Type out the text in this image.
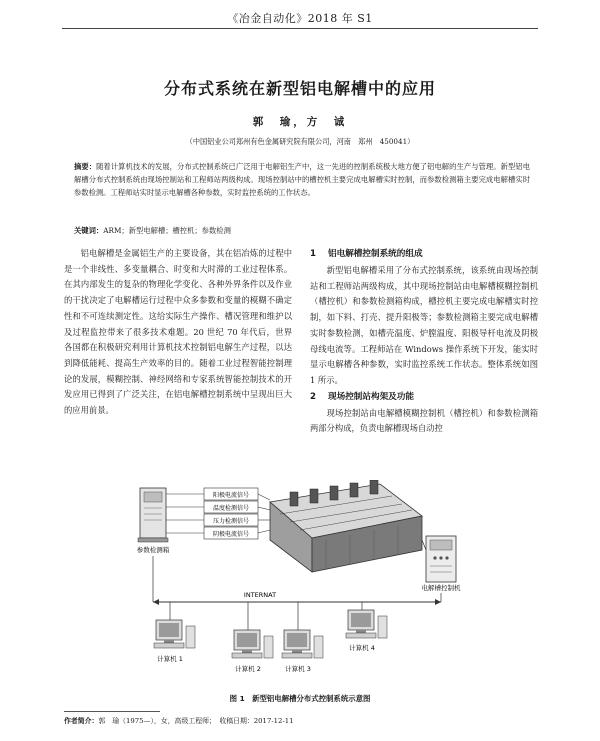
《冶金自动化》2018 年 S1
分布式系统在新型铝电解槽中的应用
郭　瑜，方　诚
（中国铝业公司郑州有色金属研究院有限公司，河南　郑州　450041）
摘要：随着计算机技术的发展，分布式控制系统已广泛用于电解铝生产中，这一先进的控制系统极大地方便了铝电解的生产与管理。新型铝电解槽分布式控制系统由现场控制站和工程师站两级构成。现场控制站中的槽控机主要完成电解槽实时控制，而参数检测箱主要完成电解槽实时参数检测。工程师站实时显示电解槽各种参数，实时监控系统的工作状态。
关键词：ARM；新型电解槽；槽控机；参数检测

铝电解槽是金属铝生产的主要设备，其在铝冶炼的过程中是一个非线性、多变量耦合、时变和大时滞的工业过程体系。在其内部发生的复杂的物理化学变化、各种外界条件以及作业的干扰决定了电解槽运行过程中众多参数和变量的模糊不确定性和不可连续测定性。这给实际生产操作、槽况管理和维护以及过程监控带来了很多技术难题。20 世纪 70 年代后，世界各国都在积极研究利用计算机技术控制铝电解生产过程，以达到降低能耗、提高生产效率的目的。随着工业过程智能控制理论的发展，模糊控制、神经网络和专家系统智能控制技术的开发应用已得到了广泛关注，在铝电解槽控制系统中呈现出巨大的应用前景。

1 铝电解槽控制系统的组成

新型铝电解槽采用了分布式控制系统，该系统由现场控制站和工程师站两级构成，其中现场控制站由电解槽模糊控制机（槽控机）和参数检测箱构成，槽控机主要完成电解槽实时控制，如下料、打壳、提升阳极等；参数检测箱主要完成电解槽实时参数检测，如槽壳温度、炉膛温度、阳极导杆电流及阴极母线电流等。工程师站在 Windows 操作系统下开发，能实时显示电解槽各种参数，实时监控系统工作状态。整体系统如图 1 所示。

2 现场控制站构架及功能

现场控制站由电解槽模糊控制机（槽控机）和参数检测箱两部分构成，负责电解槽现场自动控

参数检测箱
阳极电流信号
温度检测信号
压力检测信号
阴极电流信号
电解槽控制机
INTERNAT
计算机 1
计算机 2	计算机 3
计算机 4
图 1　 新型铝电解槽分布式控制系统示意图
作者简介：郭　瑜（1975—），女，高级工程师；　收稿日期：2017-12-11
